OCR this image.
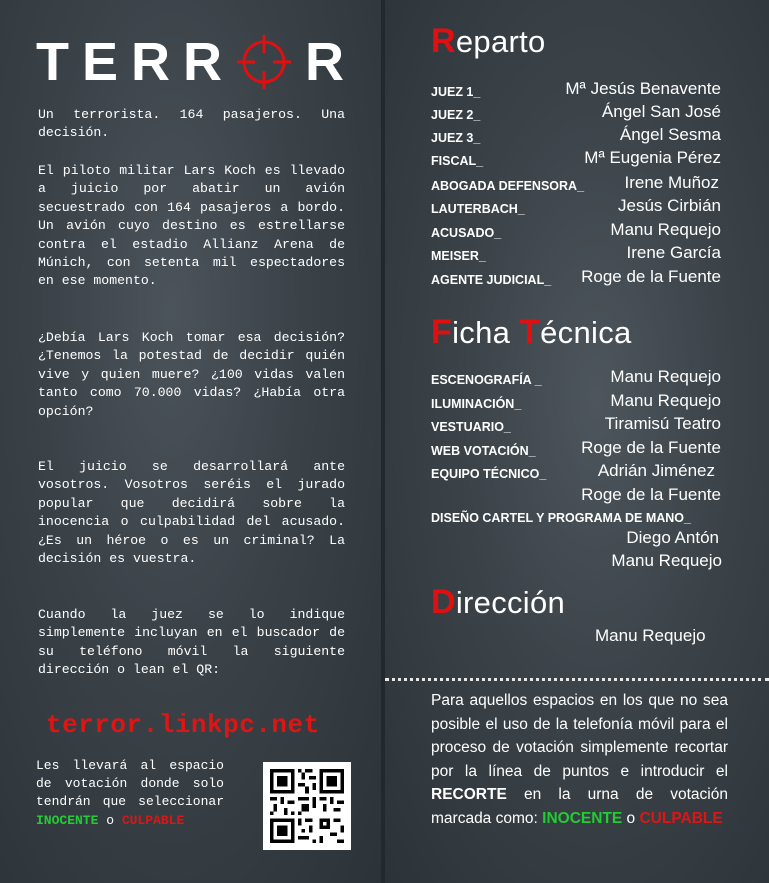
T E R R R

Un terrorista. 164 pasajeros. Una decisión.

El piloto militar Lars Koch es llevado a juicio por abatir un avión secuestrado con 164 pasajeros a bordo. Un avión cuyo destino es estrellarse contra el estadio Allianz Arena de Múnich, con setenta mil espectadores en ese momento.

¿Debía Lars Koch tomar esa decisión? ¿Tenemos la potestad de decidir quién vive y quien muere? ¿100 vidas valen tanto como 70.000 vidas? ¿Había otra opción?

El juicio se desarrollará ante vosotros. Vosotros seréis el jurado popular que decidirá sobre la inocencia o culpabilidad del acusado. ¿Es un héroe o es un criminal? La decisión es vuestra.

Cuando la juez se lo indique simplemente incluyan en el buscador de su teléfono móvil la siguiente dirección o lean el QR:

terror.linkpc.net

Les llevará al espacio de votación donde solo tendrán que seleccionar INOCENTE o CULPABLE

Reparto
JUEZ 1_	Mª Jesús Benavente
JUEZ 2_	Ángel San José
JUEZ 3_	Ángel Sesma
FISCAL_	Mª Eugenia Pérez
ABOGADA DEFENSORA_ Irene Muñoz
LAUTERBACH_	Jesús Cirbián
ACUSADO_	Manu Requejo
MEISER_	Irene García
AGENTE JUDICIAL_ Roge de la Fuente
Ficha Técnica
ESCENOGRAFÍA _	Manu Requejo
ILUMINACIÓN_	Manu Requejo
VESTUARIO_	Tiramisú Teatro
WEB VOTACIÓN_	Roge de la Fuente
EQUIPO TÉCNICO_	Adrián Jiménez
Roge de la Fuente
DISEÑO CARTEL Y PROGRAMA DE MANO_
Diego Antón
Manu Requejo
Dirección
Manu Requejo

Para aquellos espacios en los que no sea posible el uso de la telefonía móvil para el proceso de votación simplemente recortar por la línea de puntos e introducir el RECORTE en la urna de votación marcada como: INOCENTE o CULPABLE
